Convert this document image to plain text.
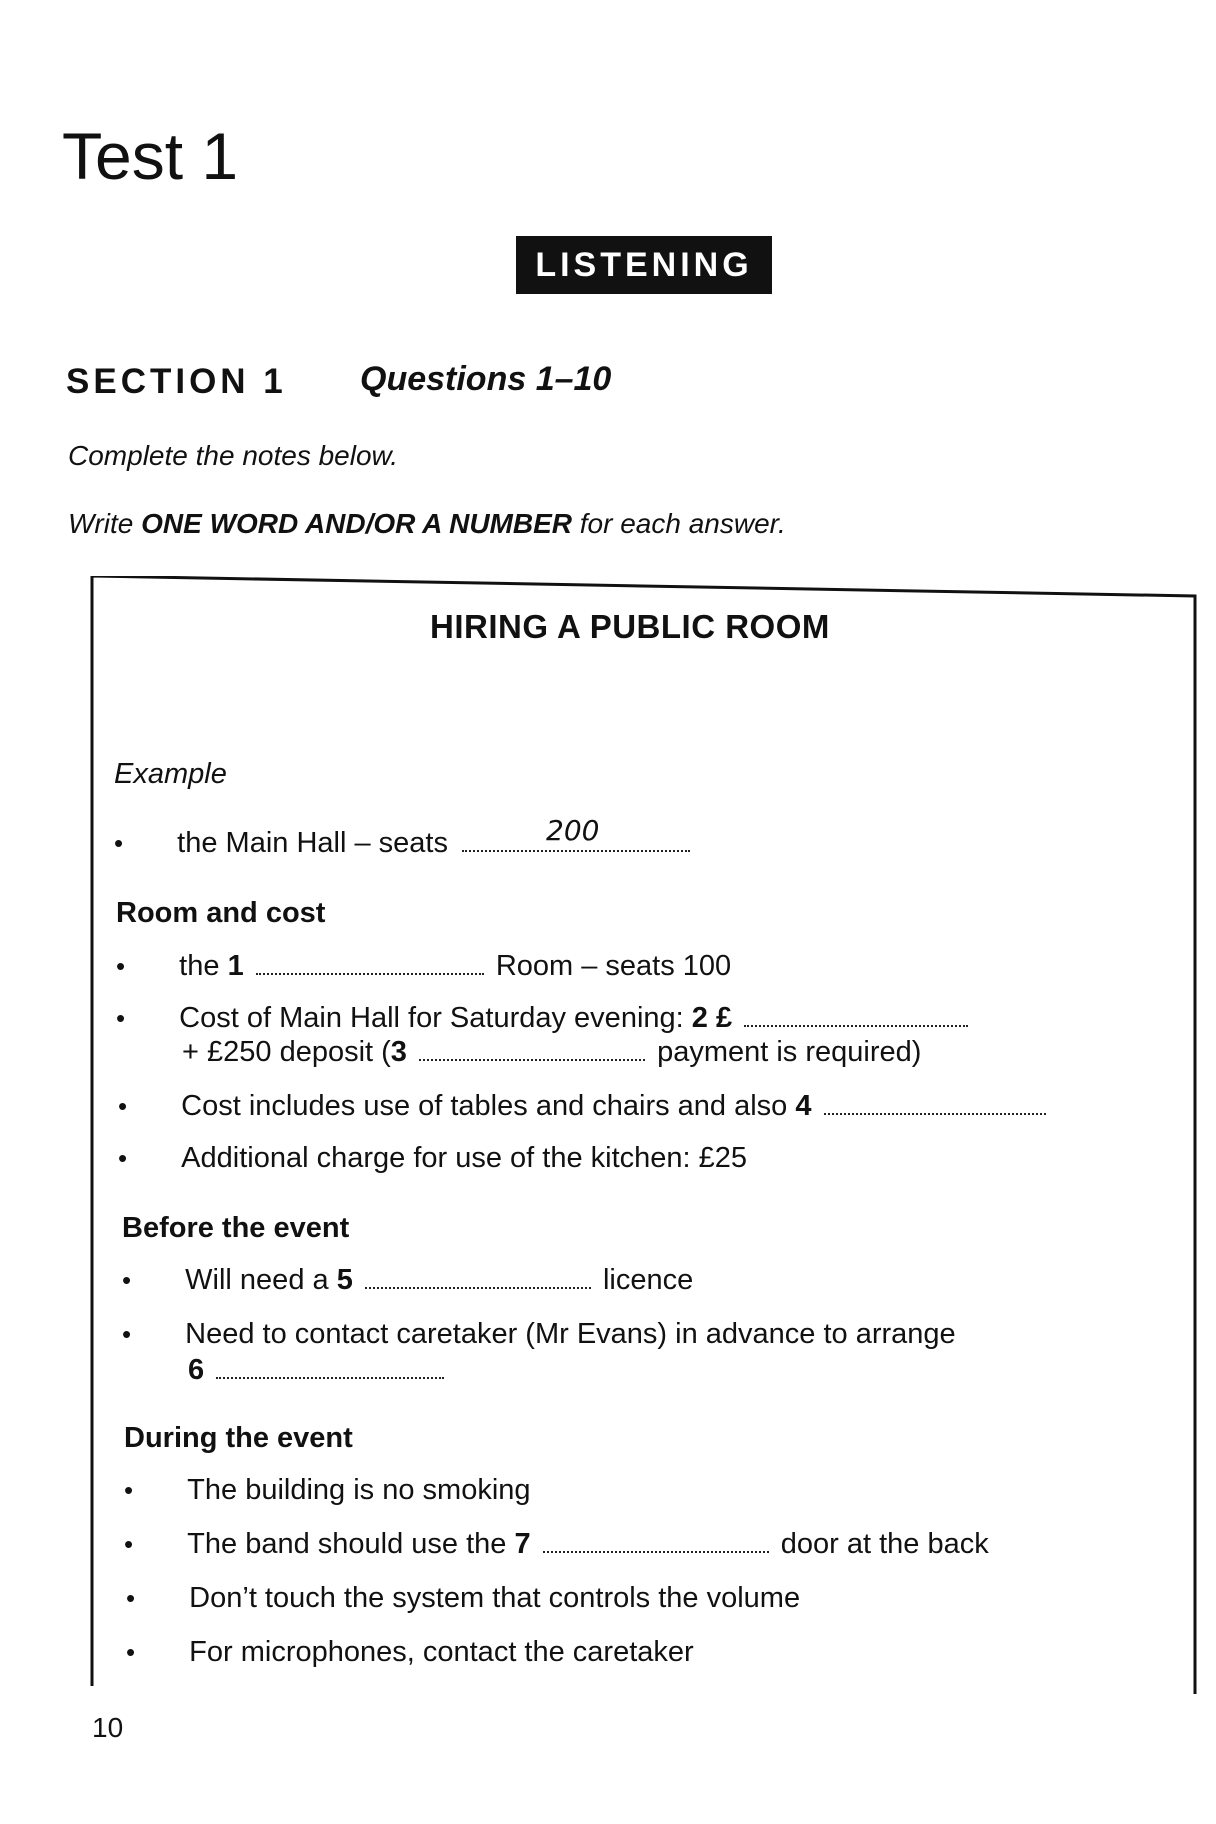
Test 1
LISTENING
SECTION 1 Questions 1–10
Complete the notes below.
Write ONE WORD AND/OR A NUMBER for each answer.
HIRING A PUBLIC ROOM
Example
• the Main Hall – seats	200
Room and cost
• the 1	Room – seats 100
• Cost of Main Hall for Saturday evening: 2 £
+ £250 deposit (3	payment is required)
• Cost includes use of tables and chairs and also 4
• Additional charge for use of the kitchen: £25
Before the event
• Will need a 5	licence
• Need to contact caretaker (Mr Evans) in advance to arrange
6
During the event
• The building is no smoking
• The band should use the 7	door at the back
• Don’t touch the system that controls the volume
• For microphones, contact the caretaker
10
